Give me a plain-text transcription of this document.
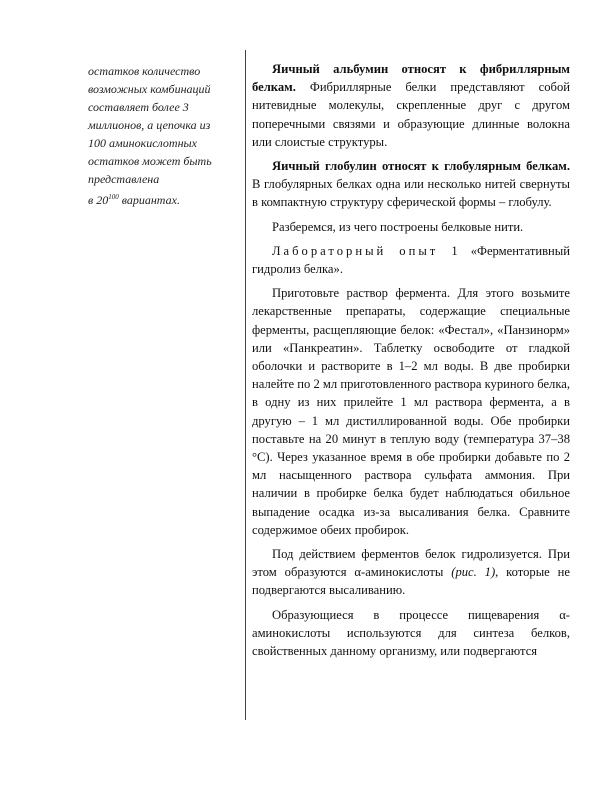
остатков количество
возможных комбинаций
составляет более 3
миллионов, а цепочка из
100 аминокислотных
остатков может быть
представлена
в $20^{100}$ вариантах.

Яичный альбумин относят к фибриллярным белкам. Фибриллярные белки представляют собой нитевидные молекулы, скрепленные друг с другом поперечными связями и образующие длинные волокна или слоистые структуры.

Яичный глобулин относят к глобулярным белкам. В глобулярных белках одна или несколько нитей свернуты в компактную структуру сферической формы – глобулу.

Разберемся, из чего построены белковые нити.

Лабораторный опыт 1 «Ферментативный гидролиз белка».

Приготовьте раствор фермента. Для этого возьмите лекарственные препараты, содержащие специальные ферменты, расщепляющие белок: «Фестал», «Панзинорм» или «Панкреатин». Таблетку освободите от гладкой оболочки и растворите в 1–2 мл воды. В две пробирки налейте по 2 мл приготовленного раствора куриного белка, в одну из них прилейте 1 мл раствора фермента, а в другую – 1 мл дистиллированной воды. Обе пробирки поставьте на 20 минут в теплую воду (температура 37–38 °С). Через указанное время в обе пробирки добавьте по 2 мл насыщенного раствора сульфата аммония. При наличии в пробирке белка будет наблюдаться обильное выпадение осадка из-за высаливания белка. Сравните содержимое обеих пробирок.

Под действием ферментов белок гидролизуется. При этом образуются α-аминокислоты (рис. 1), которые не подвергаются высаливанию.

Образующиеся в процессе пищеварения α-аминокислоты используются для синтеза белков, свойственных данному организму, или подвергаются
